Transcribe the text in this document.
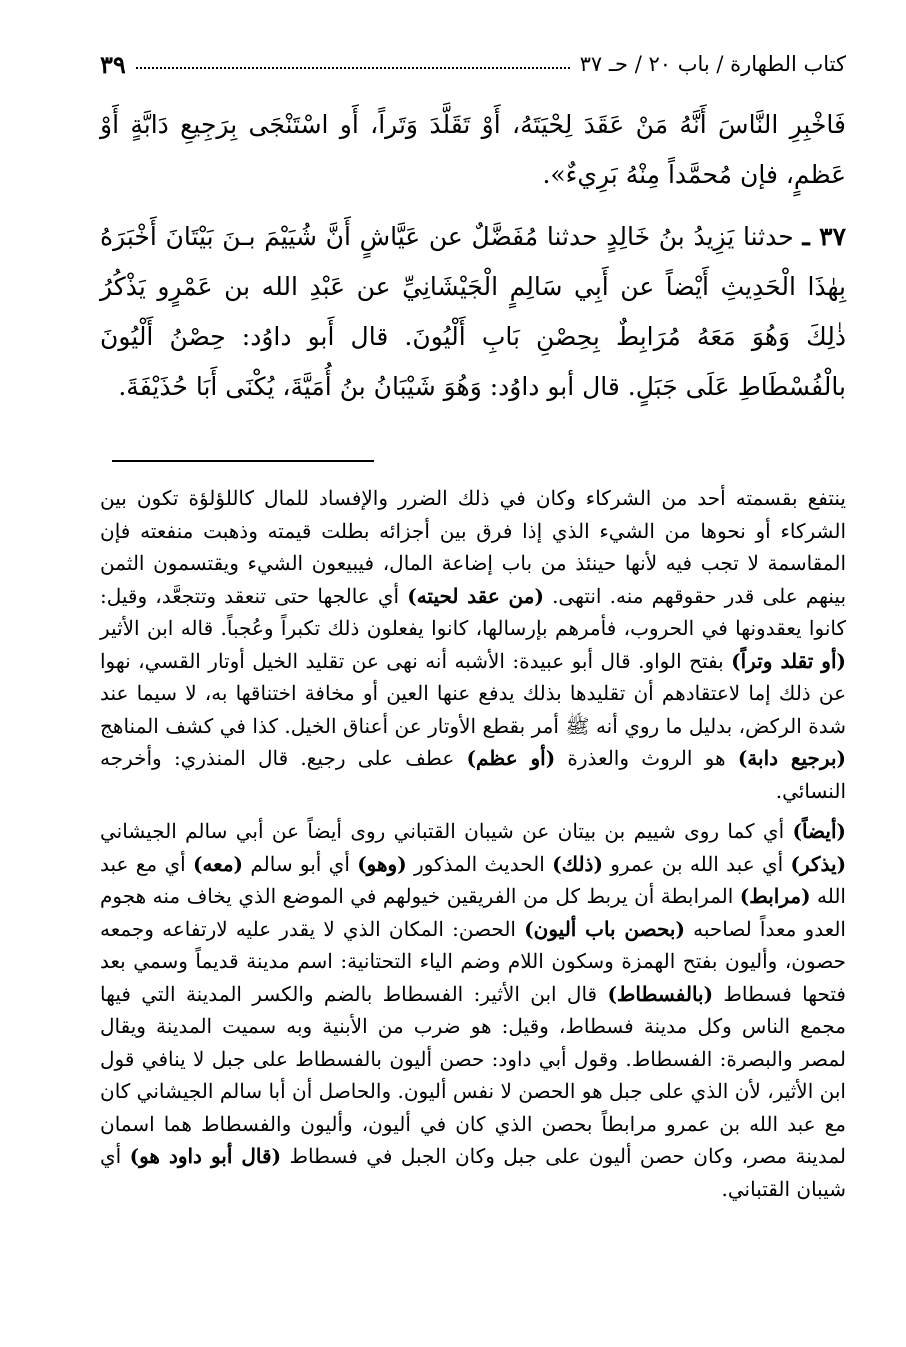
كتاب الطهارة / باب ٢٠ / حـ ٣٧
٣٩

فَاخْبِرِ النَّاسَ أَنَّهُ مَنْ عَقَدَ لِحْيَتَهُ، أَوْ تَقَلَّدَ وَتَراً، أَو اسْتَنْجَى بِرَجِيعِ دَابَّةٍ أَوْ عَظمٍ، فإن مُحمَّداً مِنْهُ بَرِيءٌ».

٣٧ ـ حدثنا يَزِيدُ بنُ خَالِدٍ حدثنا مُفَضَّلٌ عن عَيَّاشٍ أَنَّ شُيَيْمَ بـنَ بَيْتَانَ أَخْبَرَهُ بِهٰذَا الْحَدِيثِ أَيْضاً عن أَبِي سَالِمٍ الْجَيْشَانِيِّ عن عَبْدِ الله بن عَمْرٍو يَذْكُرُ ذٰلِكَ وَهُوَ مَعَهُ مُرَابِطٌ بِحِصْنِ بَابِ أَلْيُونَ. قال أَبو داوُد: حِصْنُ أَلْيُونَ بالْفُسْطَاطِ عَلَى جَبَلٍ. قال أبو داوُد: وَهُوَ شَيْبَانُ بنُ أُمَيَّةَ، يُكْنَى أَبَا حُذَيْفَةَ.

ينتفع بقسمته أحد من الشركاء وكان في ذلك الضرر والإفساد للمال كاللؤلؤة تكون بين الشركاء أو نحوها من الشيء الذي إذا فرق بين أجزائه بطلت قيمته وذهبت منفعته فإن المقاسمة لا تجب فيه لأنها حينئذ من باب إضاعة المال، فيبيعون الشيء ويقتسمون الثمن بينهم على قدر حقوقهم منه. انتهى. (من عقد لحيته) أي عالجها حتى تنعقد وتتجعَّد، وقيل: كانوا يعقدونها في الحروب، فأمرهم بإرسالها، كانوا يفعلون ذلك تكبراً وعُجباً. قاله ابن الأثير (أو تقلد وتراً) بفتح الواو. قال أبو عبيدة: الأشبه أنه نهى عن تقليد الخيل أوتار القسي، نهوا عن ذلك إما لاعتقادهم أن تقليدها بذلك يدفع عنها العين أو مخافة اختناقها به، لا سيما عند شدة الركض، بدليل ما روي أنه ﷺ أمر بقطع الأوتار عن أعناق الخيل. كذا في كشف المناهج (برجيع دابة) هو الروث والعذرة (أو عظم) عطف على رجيع. قال المنذري: وأخرجه النسائي.

(أيضاً) أي كما روى شييم بن بيتان عن شيبان القتباني روى أيضاً عن أبي سالم الجيشاني (يذكر) أي عبد الله بن عمرو (ذلك) الحديث المذكور (وهو) أي أبو سالم (معه) أي مع عبد الله (مرابط) المرابطة أن يربط كل من الفريقين خيولهم في الموضع الذي يخاف منه هجوم العدو معداً لصاحبه (بحصن باب أليون) الحصن: المكان الذي لا يقدر عليه لارتفاعه وجمعه حصون، وأليون بفتح الهمزة وسكون اللام وضم الياء التحتانية: اسم مدينة قديماً وسمي بعد فتحها فسطاط (بالفسطاط) قال ابن الأثير: الفسطاط بالضم والكسر المدينة التي فيها مجمع الناس وكل مدينة فسطاط، وقيل: هو ضرب من الأبنية وبه سميت المدينة ويقال لمصر والبصرة: الفسطاط. وقول أبي داود: حصن أليون بالفسطاط على جبل لا ينافي قول ابن الأثير، لأن الذي على جبل هو الحصن لا نفس أليون. والحاصل أن أبا سالم الجيشاني كان مع عبد الله بن عمرو مرابطاً بحصن الذي كان في أليون، وأليون والفسطاط هما اسمان لمدينة مصر، وكان حصن أليون على جبل وكان الجبل في فسطاط (قال أبو داود هو) أي شيبان القتباني.
